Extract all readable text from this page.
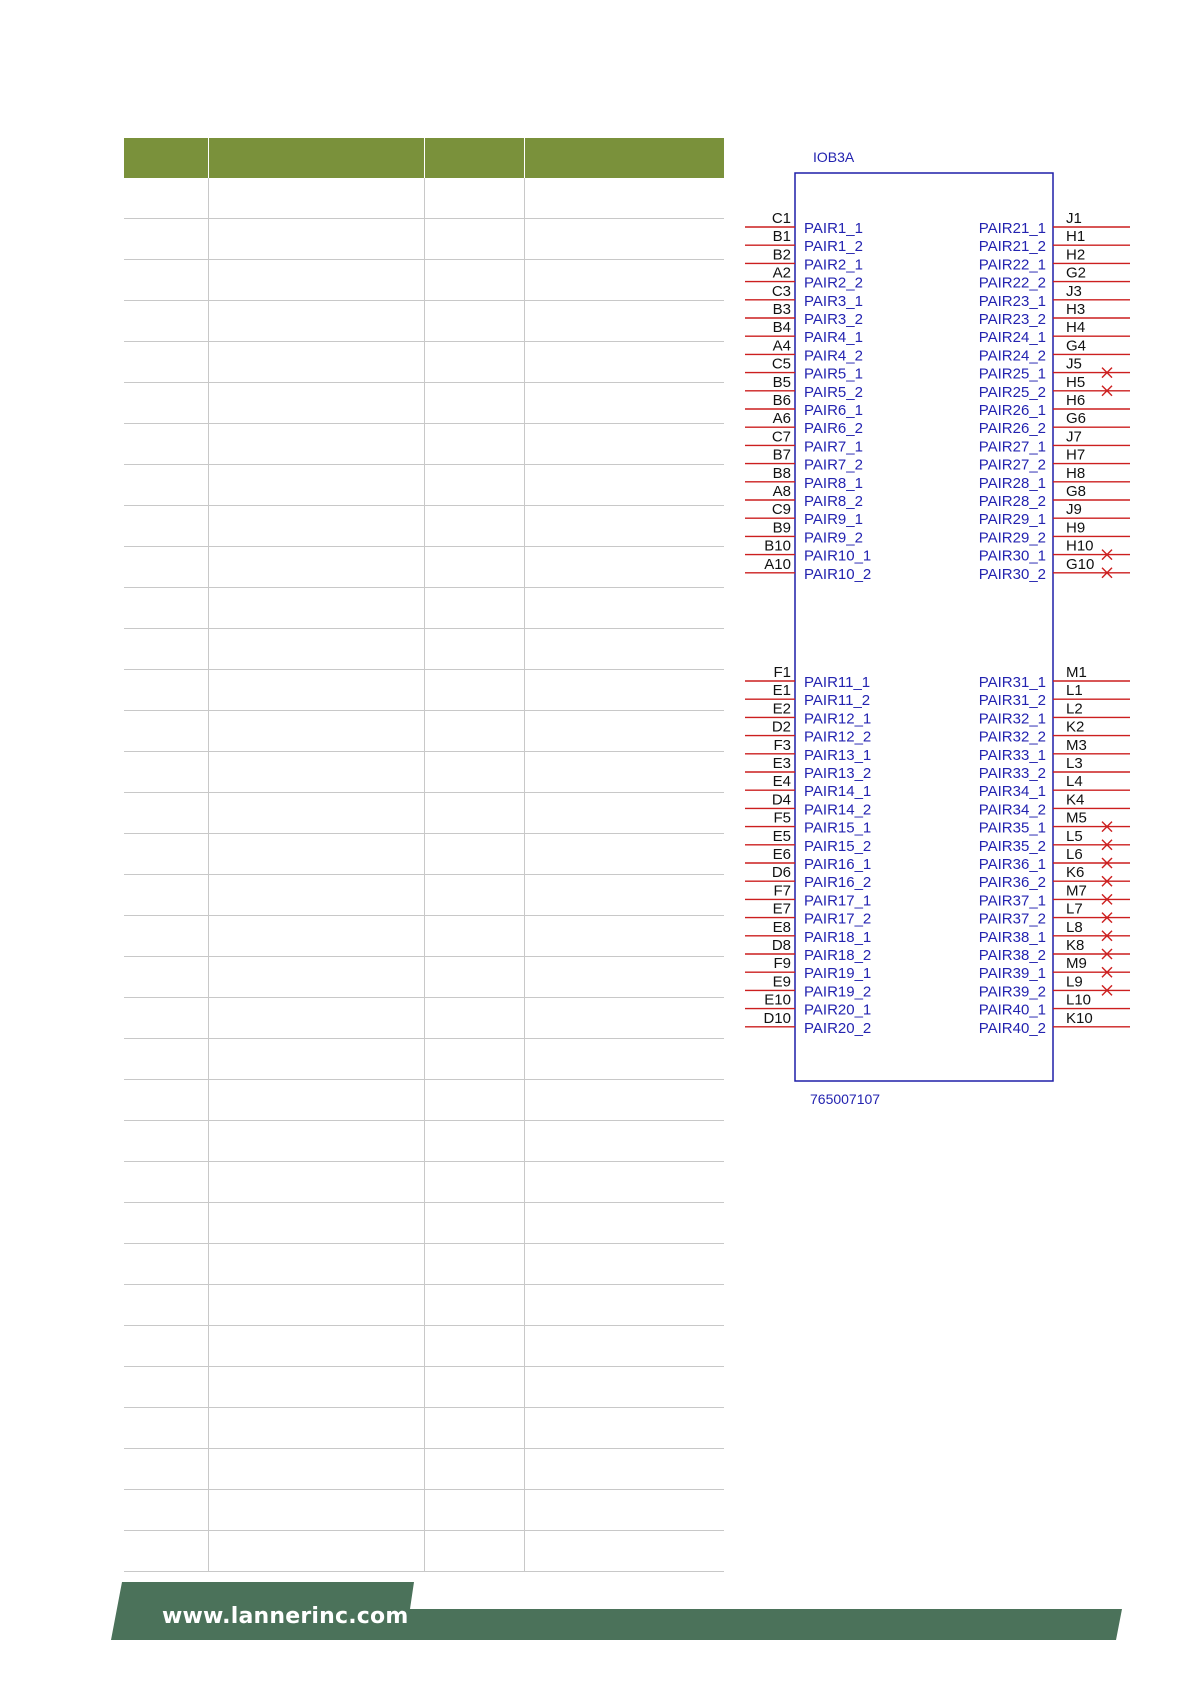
IOB3A
765007107
C1
PAIR1_1
J1
PAIR21_1
B1
PAIR1_2
H1
PAIR21_2
B2
PAIR2_1
H2
PAIR22_1
A2
PAIR2_2
G2
PAIR22_2
C3
PAIR3_1
J3
PAIR23_1
B3
PAIR3_2
H3
PAIR23_2
B4
PAIR4_1
H4
PAIR24_1
A4
PAIR4_2
G4
PAIR24_2
C5
PAIR5_1
J5
PAIR25_1
B5
PAIR5_2
H5
PAIR25_2
B6
PAIR6_1
H6
PAIR26_1
A6
PAIR6_2
G6
PAIR26_2
C7
PAIR7_1
J7
PAIR27_1
B7
PAIR7_2
H7
PAIR27_2
B8
PAIR8_1
H8
PAIR28_1
A8
PAIR8_2
G8
PAIR28_2
C9
PAIR9_1
J9
PAIR29_1
B9
PAIR9_2
H9
PAIR29_2
B10
PAIR10_1
H10
PAIR30_1
A10
PAIR10_2
G10
PAIR30_2
F1
PAIR11_1
M1
PAIR31_1
E1
PAIR11_2
L1
PAIR31_2
E2
PAIR12_1
L2
PAIR32_1
D2
PAIR12_2
K2
PAIR32_2
F3
PAIR13_1
M3
PAIR33_1
E3
PAIR13_2
L3
PAIR33_2
E4
PAIR14_1
L4
PAIR34_1
D4
PAIR14_2
K4
PAIR34_2
F5
PAIR15_1
M5
PAIR35_1
E5
PAIR15_2
L5
PAIR35_2
E6
PAIR16_1
L6
PAIR36_1
D6
PAIR16_2
K6
PAIR36_2
F7
PAIR17_1
M7
PAIR37_1
E7
PAIR17_2
L7
PAIR37_2
E8
PAIR18_1
L8
PAIR38_1
D8
PAIR18_2
K8
PAIR38_2
F9
PAIR19_1
M9
PAIR39_1
E9
PAIR19_2
L9
PAIR39_2
E10
PAIR20_1
L10
PAIR40_1
D10
PAIR20_2
K10
PAIR40_2
www.lannerinc.com
